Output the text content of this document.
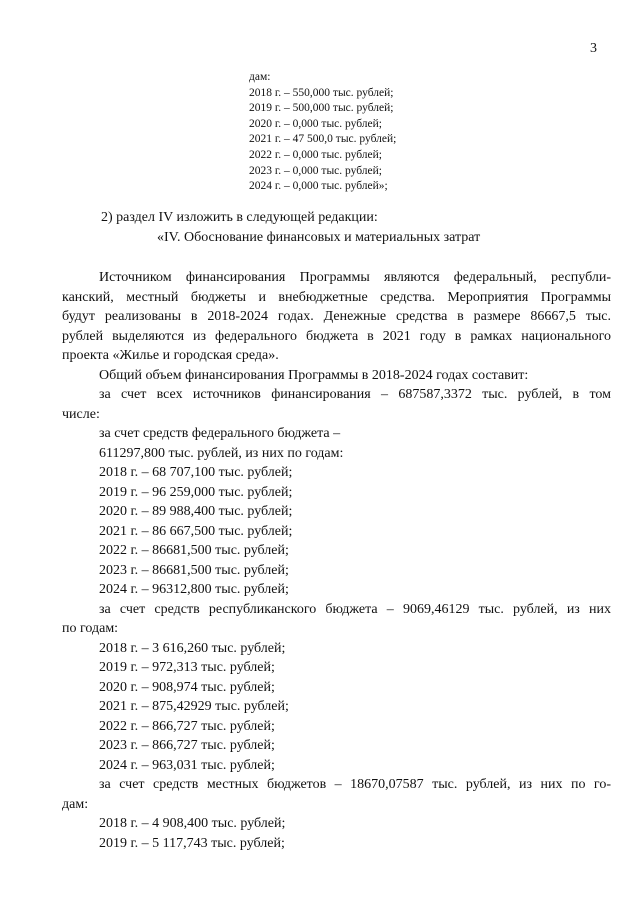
3
дам:
2018 г. – 550,000 тыс. рублей;
2019 г. – 500,000 тыс. рублей;
2020 г. – 0,000 тыс. рублей;
2021 г. – 47 500,0 тыс. рублей;
2022 г. – 0,000 тыс. рублей;
2023 г. – 0,000 тыс. рублей;
2024 г. – 0,000 тыс. рублей»;
2) раздел IV изложить в следующей редакции:
«IV. Обоснование финансовых и материальных затрат
Источником финансирования Программы являются федеральный, республи-
канский, местный бюджеты и внебюджетные средства. Мероприятия Программы
будут реализованы в 2018-2024 годах. Денежные средства в размере 86667,5 тыс.
рублей выделяются из федерального бюджета в 2021 году в рамках национального
проекта «Жилье и городская среда».
Общий объем финансирования Программы в 2018-2024 годах составит:
за счет всех источников финансирования – 687587,3372 тыс. рублей, в том
числе:
за счет средств федерального бюджета –
611297,800 тыс. рублей, из них по годам:
2018 г. – 68 707,100 тыс. рублей;
2019 г. – 96 259,000 тыс. рублей;
2020 г. – 89 988,400 тыс. рублей;
2021 г. – 86 667,500 тыс. рублей;
2022 г. – 86681,500 тыс. рублей;
2023 г. – 86681,500 тыс. рублей;
2024 г. – 96312,800 тыс. рублей;
за счет средств республиканского бюджета – 9069,46129 тыс. рублей, из них
по годам:
2018 г. – 3 616,260 тыс. рублей;
2019 г. – 972,313 тыс. рублей;
2020 г. – 908,974 тыс. рублей;
2021 г. – 875,42929 тыс. рублей;
2022 г. – 866,727 тыс. рублей;
2023 г. – 866,727 тыс. рублей;
2024 г. – 963,031 тыс. рублей;
за счет средств местных бюджетов – 18670,07587 тыс. рублей, из них по го-
дам:
2018 г. – 4 908,400 тыс. рублей;
2019 г. – 5 117,743 тыс. рублей;
